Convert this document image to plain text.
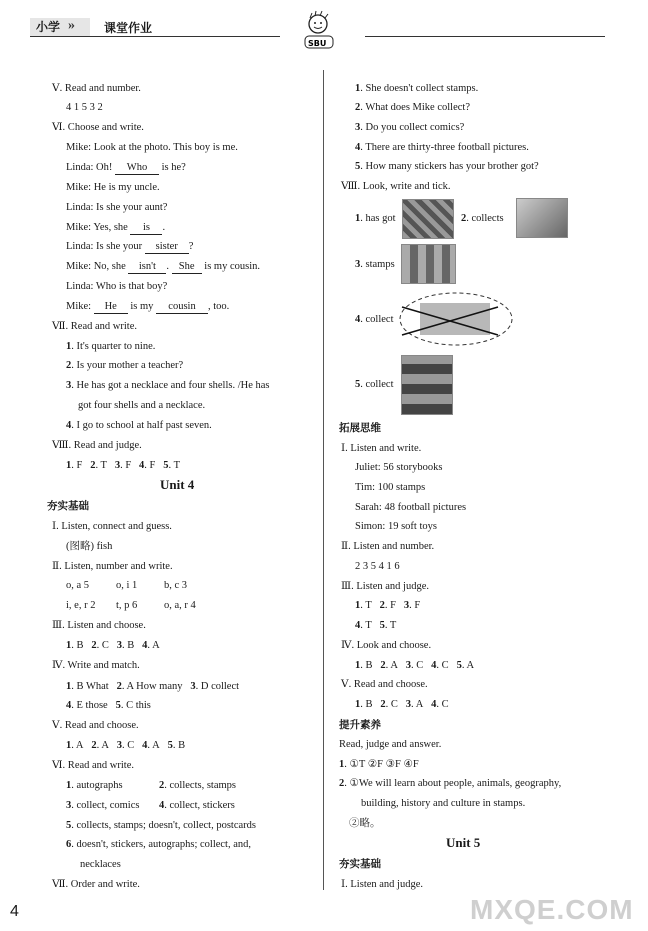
小学 » 课堂作业
SBU
Ⅴ. Read and number.
4 1 5 3 2
Ⅵ. Choose and write.
Mike: Look at the photo. This boy is me.
Linda: Oh! Who is he?
Mike: He is my uncle.
Linda: Is she your aunt?
Mike: Yes, she is .
Linda: Is she your sister ?
Mike: No, she isn't . She is my cousin.
Linda: Who is that boy?
Mike: He is my cousin , too.
Ⅶ. Read and write.
1. It's quarter to nine.
2. Is your mother a teacher?
3. He has got a necklace and four shells. /He has
got four shells and a necklace.
4. I go to school at half past seven.
Ⅷ. Read and judge.
1. F 2. T 3. F 4. F 5. T
Unit 4
夯实基础
Ⅰ. Listen, connect and guess.
(图略) fish
Ⅱ. Listen, number and write.
o, a 5	o, i 1	b, c 3
i, e, r 2 t, p 6	o, a, r 4
Ⅲ. Listen and choose.
1. B 2. C 3. B 4. A
Ⅳ. Write and match.
1. B What 2. A How many 3. D collect
4. E those 5. C this
Ⅴ. Read and choose.
1. A 2. A 3. C 4. A 5. B
Ⅵ. Read and write.
1. autographs	2. collects, stamps
3. collect, comics 4. collect, stickers
5. collects, stamps; doesn't, collect, postcards
6. doesn't, stickers, autographs; collect, and,
necklaces
Ⅶ. Order and write.
1. She doesn't collect stamps.
2. What does Mike collect?
3. Do you collect comics?
4. There are thirty-three football pictures.
5. How many stickers has your brother got?
Ⅷ. Look, write and tick.
1. has got	2. collects
3. stamps
4. collect
5. collect
拓展思维
Ⅰ. Listen and write.
Juliet: 56 storybooks
Tim: 100 stamps
Sarah: 48 football pictures
Simon: 19 soft toys
Ⅱ. Listen and number.
2 3 5 4 1 6
Ⅲ. Listen and judge.
1. T 2. F 3. F
4. T 5. T
Ⅳ. Look and choose.
1. B 2. A 3. C 4. C 5. A
Ⅴ. Read and choose.
1. B 2. C 3. A 4. C
提升素养
Read, judge and answer.
1. ①T ②F ③F ④F
2. ①We will learn about people, animals, geography,
building, history and culture in stamps.
②略。
Unit 5
夯实基础
Ⅰ. Listen and judge.
MXQE.COM
4
